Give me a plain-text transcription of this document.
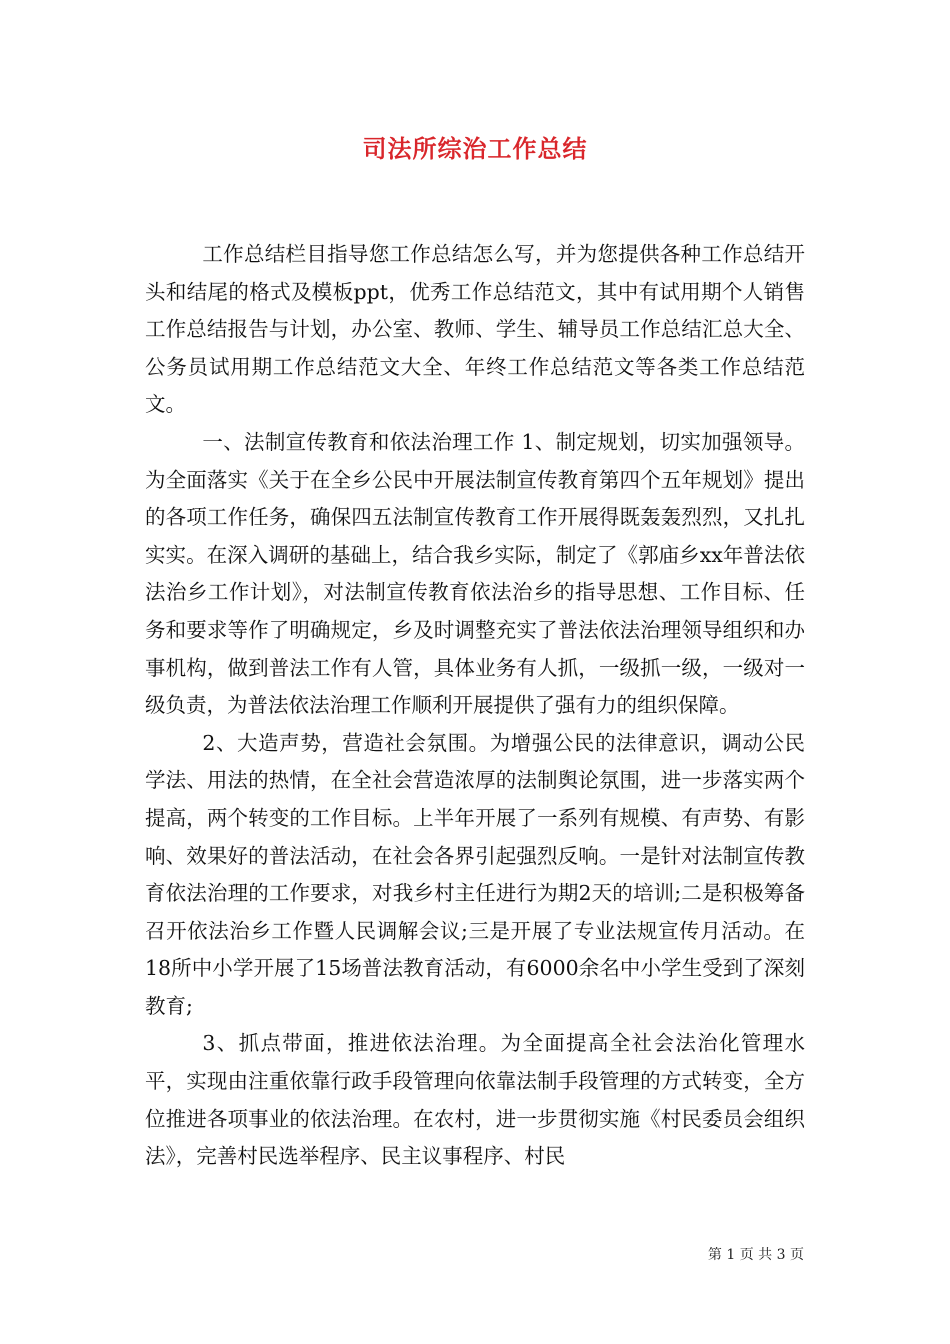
司法所综治工作总结

工作总结栏目指导您工作总结怎么写，并为您提供各种工作总结开头和结尾的格式及模板ppt，优秀工作总结范文，其中有试用期个人销售工作总结报告与计划，办公室、教师、学生、辅导员工作总结汇总大全、公务员试用期工作总结范文大全、年终工作总结范文等各类工作总结范文。

一、法制宣传教育和依法治理工作 1、制定规划，切实加强领导。为全面落实《关于在全乡公民中开展法制宣传教育第四个五年规划》提出的各项工作任务，确保四五法制宣传教育工作开展得既轰轰烈烈，又扎扎实实。在深入调研的基础上，结合我乡实际，制定了《郭庙乡xx年普法依法治乡工作计划》，对法制宣传教育依法治乡的指导思想、工作目标、任务和要求等作了明确规定，乡及时调整充实了普法依法治理领导组织和办事机构，做到普法工作有人管，具体业务有人抓，一级抓一级，一级对一级负责，为普法依法治理工作顺利开展提供了强有力的组织保障。

2、大造声势，营造社会氛围。为增强公民的法律意识，调动公民学法、用法的热情，在全社会营造浓厚的法制舆论氛围，进一步落实两个提高，两个转变的工作目标。上半年开展了一系列有规模、有声势、有影响、效果好的普法活动，在社会各界引起强烈反响。一是针对法制宣传教育依法治理的工作要求，对我乡村主任进行为期2天的培训;二是积极筹备召开依法治乡工作暨人民调解会议;三是开展了专业法规宣传月活动。在18所中小学开展了15场普法教育活动，有6000余名中小学生受到了深刻教育;

3、抓点带面，推进依法治理。为全面提高全社会法治化管理水平，实现由注重依靠行政手段管理向依靠法制手段管理的方式转变，全方位推进各项事业的依法治理。在农村，进一步贯彻实施《村民委员会组织法》，完善村民选举程序、民主议事程序、村民

第 1 页 共 3 页
